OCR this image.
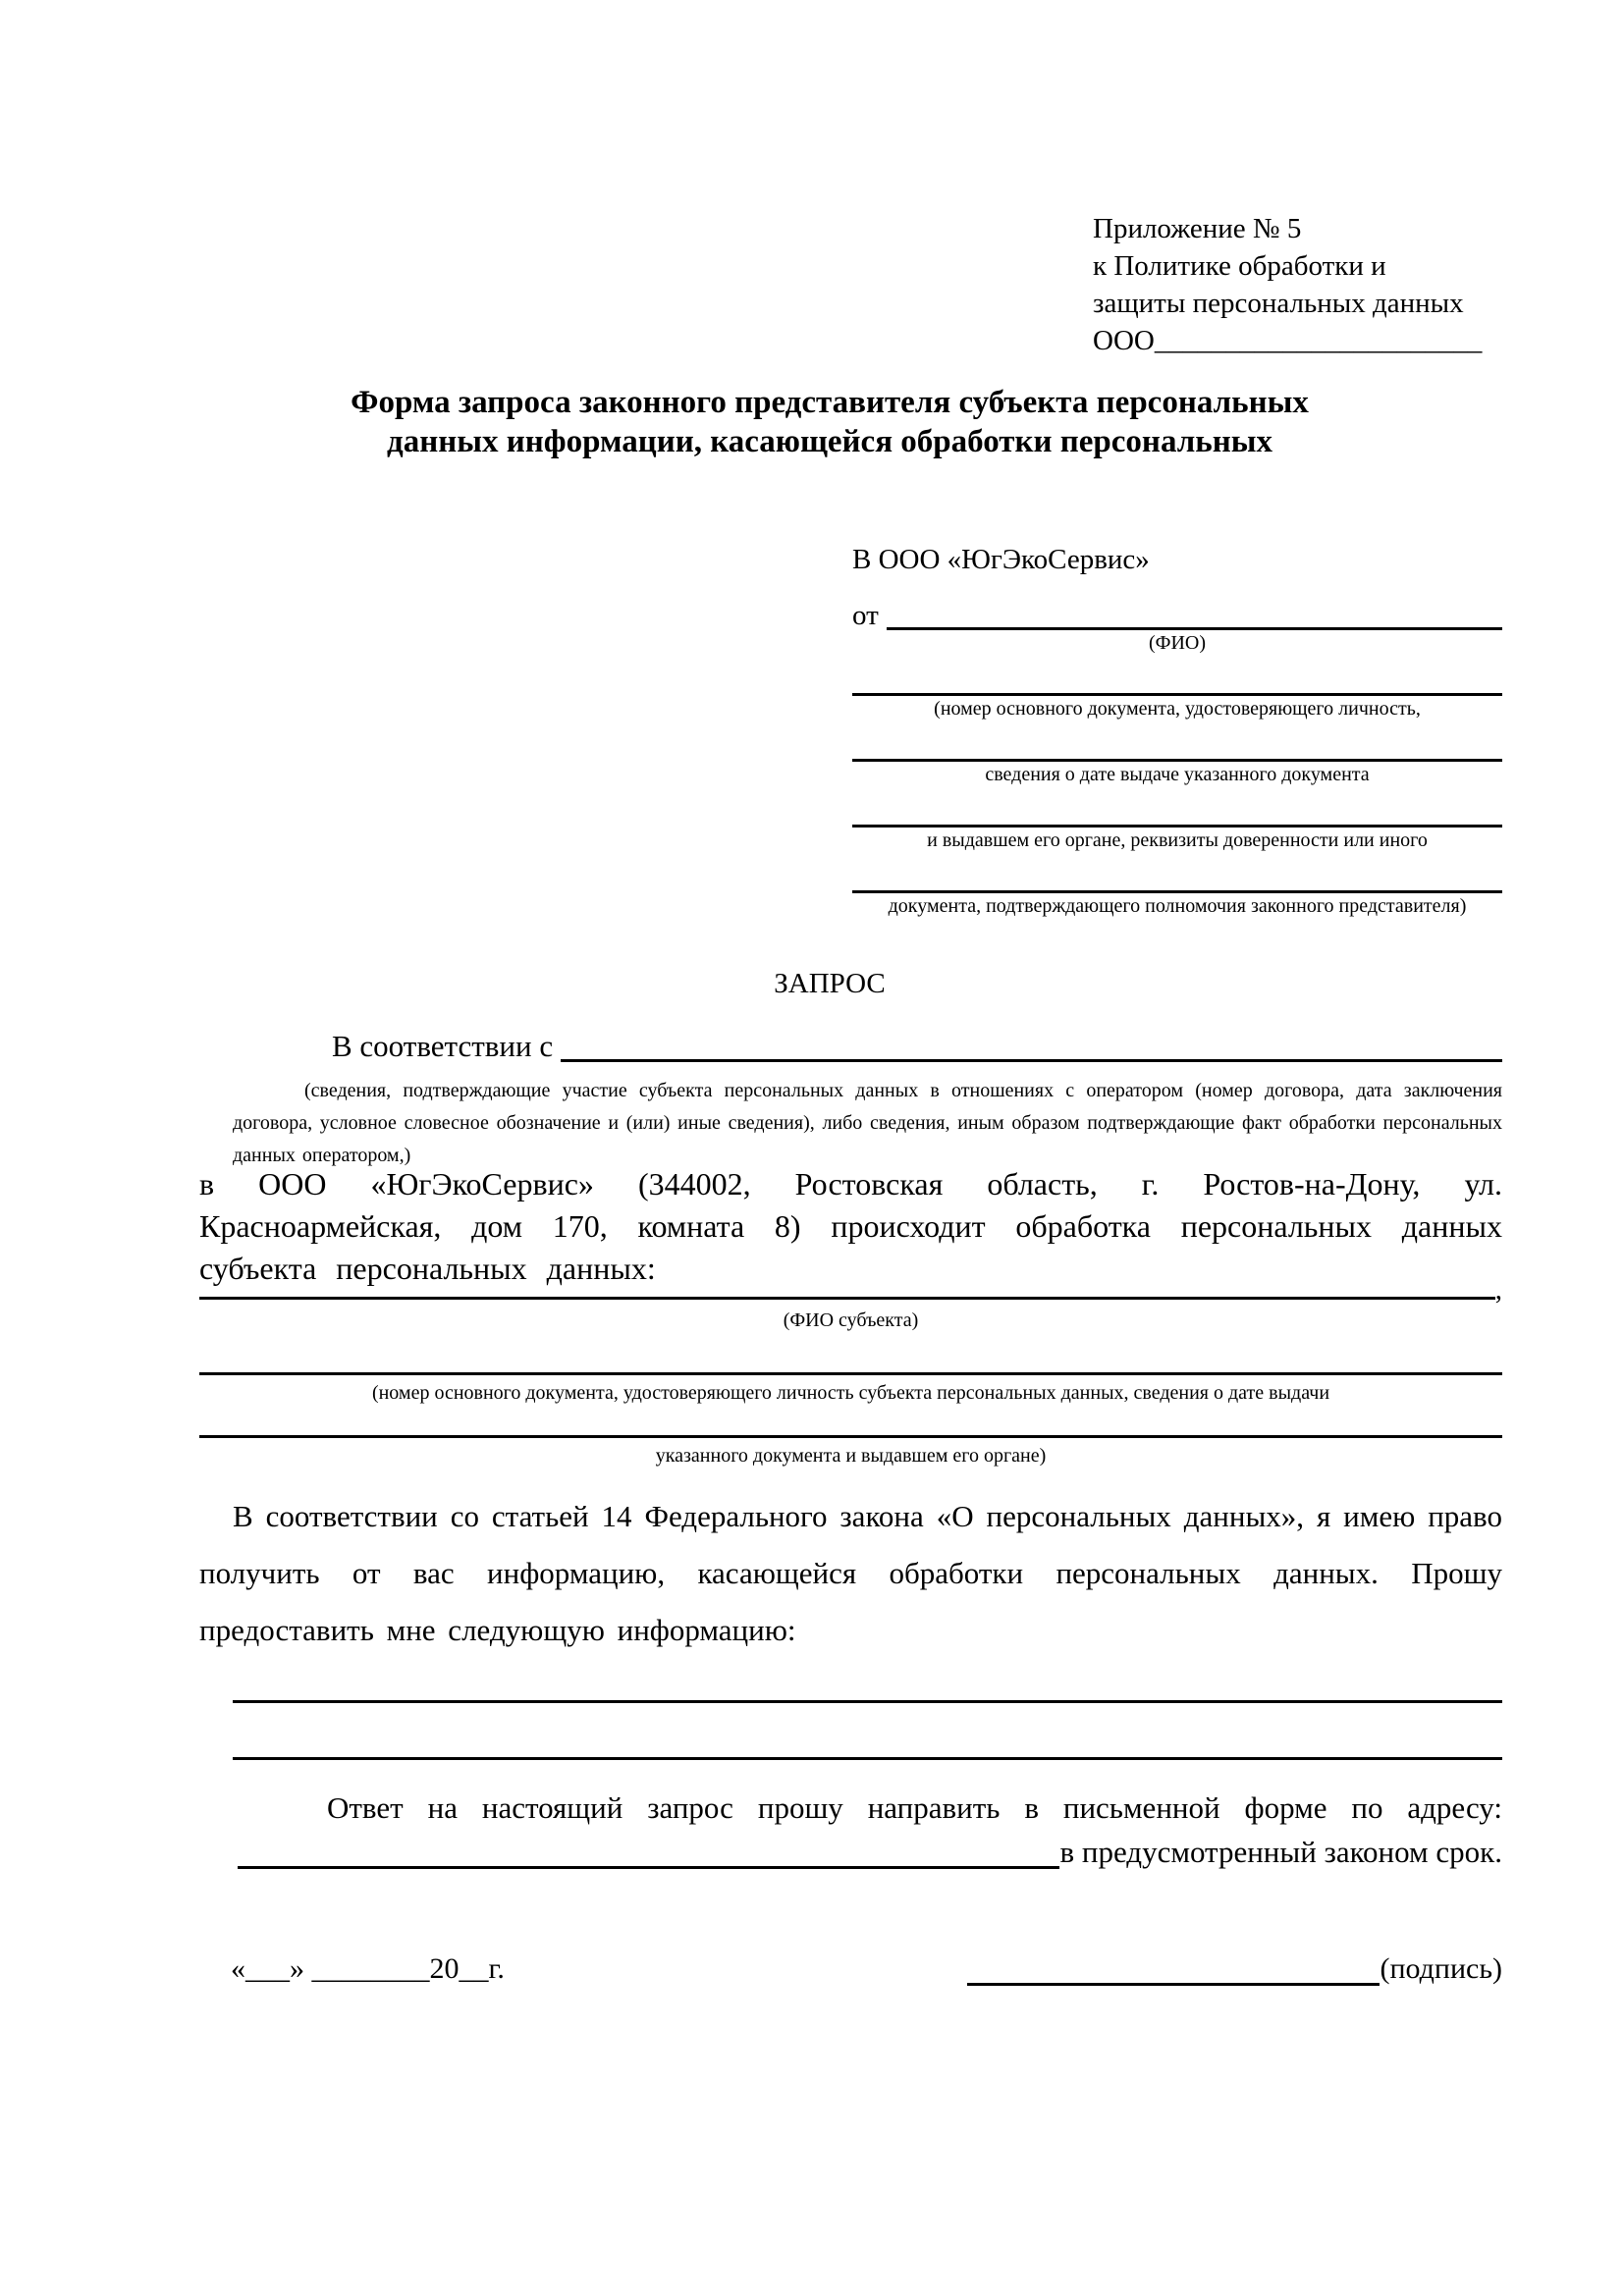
Приложение № 5
к Политике обработки и
защиты персональных данных
ООО_______________________
Форма запроса законного представителя субъекта персональных
данных информации, касающейся обработки персональных
В ООО «ЮгЭкоСервис»
от
(ФИО)
(номер основного документа, удостоверяющего личность,
сведения о дате выдаче указанного документа
и выдавшем его органе, реквизиты доверенности или иного
документа, подтверждающего полномочия законного представителя)
ЗАПРОС
В соответствии с
(сведения, подтверждающие участие субъекта персональных данных в отношениях с оператором (номер договора, дата заключения договора, условное словесное обозначение и (или) иные сведения), либо сведения, иным образом подтверждающие факт обработки персональных данных оператором,)
в ООО «ЮгЭкоСервис» (344002, Ростовская область, г. Ростов-на-Дону, ул. Красноармейская, дом 170, комната 8) происходит обработка персональных данных субъекта персональных данных:
,
(ФИО субъекта)
(номер основного документа, удостоверяющего личность субъекта персональных данных, сведения о дате выдачи
указанного документа и выдавшем его органе)
В соответствии со статьей 14 Федерального закона «О персональных данных», я имею право получить от вас информацию, касающейся обработки персональных данных. Прошу предоставить мне следующую информацию:
Ответ на настоящий запрос прошу направить в письменной форме по адресу:
в предусмотренный законом срок.
«___» ________20__г.	(подпись)
